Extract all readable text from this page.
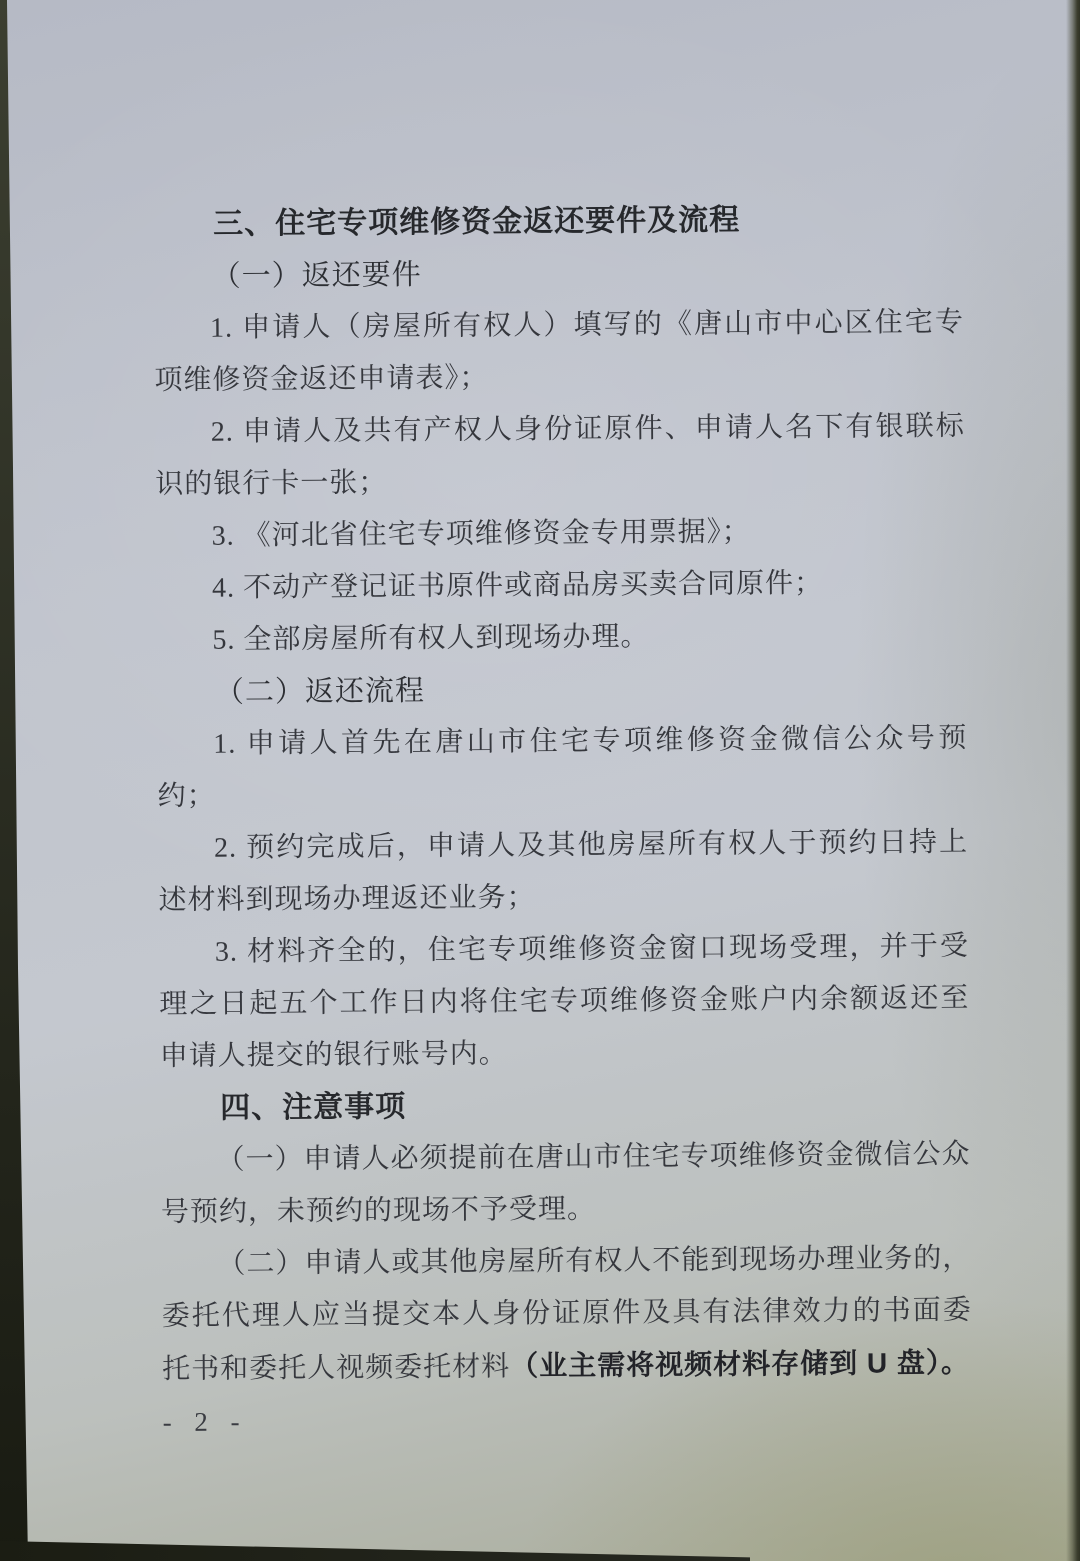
三、住宅专项维修资金返还要件及流程

（一）返还要件

1. 申请人（房屋所有权人）填写的《唐山市中心区住宅专项维修资金返还申请表》；

2. 申请人及共有产权人身份证原件、申请人名下有银联标识的银行卡一张；

3. 《河北省住宅专项维修资金专用票据》；

4. 不动产登记证书原件或商品房买卖合同原件；

5. 全部房屋所有权人到现场办理。

（二）返还流程

1. 申请人首先在唐山市住宅专项维修资金微信公众号预约；

2. 预约完成后，申请人及其他房屋所有权人于预约日持上述材料到现场办理返还业务；

3. 材料齐全的，住宅专项维修资金窗口现场受理，并于受理之日起五个工作日内将住宅专项维修资金账户内余额返还至申请人提交的银行账号内。

四、注意事项

（一）申请人必须提前在唐山市住宅专项维修资金微信公众号预约，未预约的现场不予受理。

（二）申请人或其他房屋所有权人不能到现场办理业务的，委托代理人应当提交本人身份证原件及具有法律效力的书面委托书和委托人视频委托材料（业主需将视频材料存储到 U 盘）。

- 2 -
